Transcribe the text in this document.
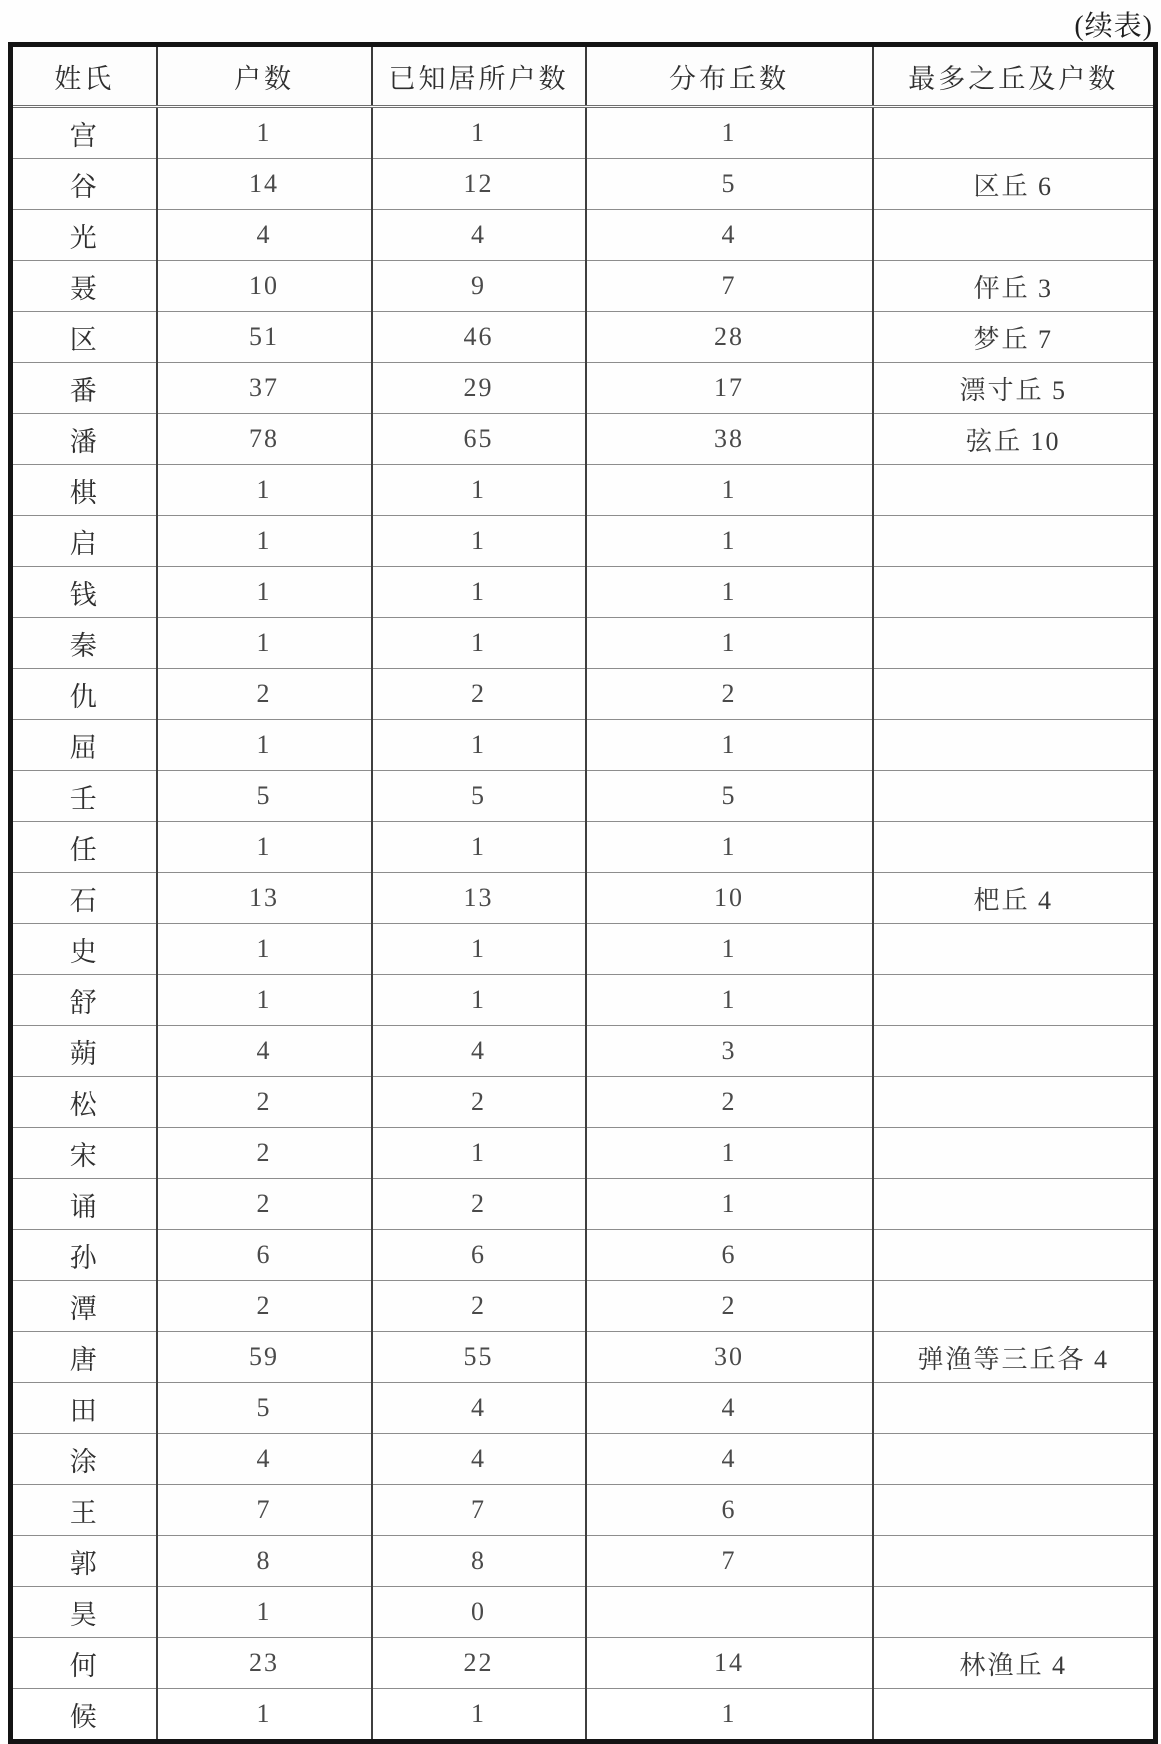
(续表)
姓氏	户数	已知居所户数	分布丘数	最多之丘及户数
宫	1	1	1	
谷	14	12	5	区丘 6
光	4	4	4	
聂	10	9	7	伻丘 3
区	51	46	28	梦丘 7
番	37	29	17	漂寸丘 5
潘	78	65	38	弦丘 10
棋	1	1	1	
启	1	1	1	
钱	1	1	1	
秦	1	1	1	
仇	2	2	2	
屈	1	1	1	
壬	5	5	5	
任	1	1	1	
石	13	13	10	杷丘 4
史	1	1	1	
舒	1	1	1	
蒴	4	4	3	
松	2	2	2	
宋	2	1	1	
诵	2	2	1	
孙	6	6	6	
潭	2	2	2	
唐	59	55	30	弹渔等三丘各 4
田	5	4	4	
涂	4	4	4	
王	7	7	6	
郭	8	8	7	
昊	1	0		
何	23	22	14	林渔丘 4
候	1	1	1	
